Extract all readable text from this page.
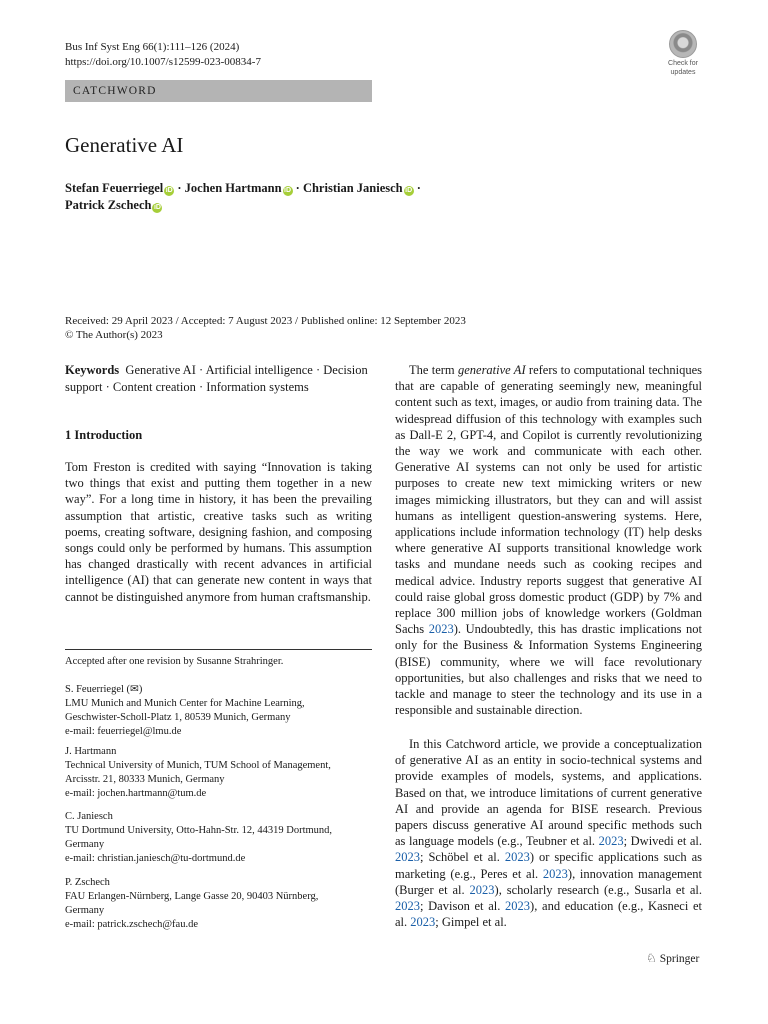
Bus Inf Syst Eng 66(1):111–126 (2024)
https://doi.org/10.1007/s12599-023-00834-7	Check for
updates
CATCHWORD
Generative AI
Stefan Feuerriegel iD · Jochen Hartmann iD · Christian Janiesch iD ·
Patrick Zschech iD
Received: 29 April 2023 / Accepted: 7 August 2023 / Published online: 12 September 2023
© The Author(s) 2023
Keywords Generative AI · Artificial intelligence · Decision support · Content creation · Information systems
1 Introduction

Tom Freston is credited with saying “Innovation is taking two things that exist and putting them together in a new way”. For a long time in history, it has been the prevailing assumption that artistic, creative tasks such as writing poems, creating software, designing fashion, and composing songs could only be performed by humans. This assumption has changed drastically with recent advances in artificial intelligence (AI) that can generate new content in ways that cannot be distinguished anymore from human craftsmanship.

Accepted after one revision by Susanne Strahringer.
S. Feuerriegel (✉)
LMU Munich and Munich Center for Machine Learning,
Geschwister-Scholl-Platz 1, 80539 Munich, Germany
e-mail: feuerriegel@lmu.de
J. Hartmann
Technical University of Munich, TUM School of Management,
Arcisstr. 21, 80333 Munich, Germany
e-mail: jochen.hartmann@tum.de
C. Janiesch
TU Dortmund University, Otto-Hahn-Str. 12, 44319 Dortmund,
Germany
e-mail: christian.janiesch@tu-dortmund.de
P. Zschech
FAU Erlangen-Nürnberg, Lange Gasse 20, 90403 Nürnberg,
Germany
e-mail: patrick.zschech@fau.de

The term generative AI refers to computational techniques that are capable of generating seemingly new, meaningful content such as text, images, or audio from training data. The widespread diffusion of this technology with examples such as Dall-E 2, GPT-4, and Copilot is currently revolutionizing the way we work and communicate with each other. Generative AI systems can not only be used for artistic purposes to create new text mimicking writers or new images mimicking illustrators, but they can and will assist humans as intelligent question-answering systems. Here, applications include information technology (IT) help desks where generative AI supports transitional knowledge work tasks and mundane needs such as cooking recipes and medical advice. Industry reports suggest that generative AI could raise global gross domestic product (GDP) by 7% and replace 300 million jobs of knowledge workers (Goldman Sachs 2023). Undoubtedly, this has drastic implications not only for the Business & Information Systems Engineering (BISE) community, where we will face revolutionary opportunities, but also challenges and risks that we need to tackle and manage to steer the technology and its use in a responsible and sustainable direction.

In this Catchword article, we provide a conceptualization of generative AI as an entity in socio-technical systems and provide examples of models, systems, and applications. Based on that, we introduce limitations of current generative AI and provide an agenda for BISE research. Previous papers discuss generative AI around specific methods such as language models (e.g., Teubner et al. 2023; Dwivedi et al. 2023; Schöbel et al. 2023) or specific applications such as marketing (e.g., Peres et al. 2023), innovation management (Burger et al. 2023), scholarly research (e.g., Susarla et al. 2023; Davison et al. 2023), and education (e.g., Kasneci et al. 2023; Gimpel et al.

♘ Springer
